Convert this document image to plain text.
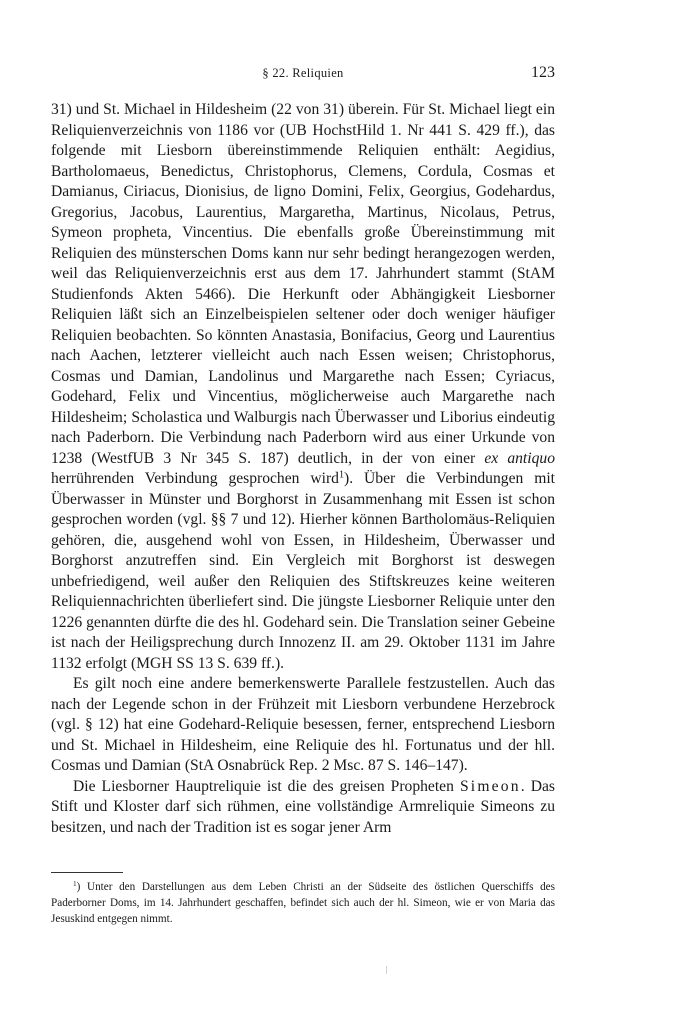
§ 22. Reliquien	123

31) und St. Michael in Hildesheim (22 von 31) überein. Für St. Michael liegt ein Reliquienverzeichnis von 1186 vor (UB HochstHild 1. Nr 441 S. 429 ff.), das folgende mit Liesborn übereinstimmende Reliquien enthält: Aegidius, Bartholomaeus, Benedictus, Christophorus, Clemens, Cordula, Cosmas et Damianus, Ciriacus, Dionisius, de ligno Domini, Felix, Georgius, Godehardus, Gregorius, Jacobus, Laurentius, Margaretha, Martinus, Nicolaus, Petrus, Symeon propheta, Vincentius. Die ebenfalls große Übereinstimmung mit Reliquien des münsterschen Doms kann nur sehr bedingt herangezogen werden, weil das Reliquienverzeichnis erst aus dem 17. Jahrhundert stammt (StAM Studienfonds Akten 5466). Die Herkunft oder Abhängigkeit Liesborner Reliquien läßt sich an Einzelbeispielen seltener oder doch weniger häufiger Reliquien beobachten. So könnten Anastasia, Bonifacius, Georg und Laurentius nach Aachen, letzterer vielleicht auch nach Essen weisen; Christophorus, Cosmas und Damian, Landolinus und Margarethe nach Essen; Cyriacus, Godehard, Felix und Vincentius, möglicherweise auch Margarethe nach Hildesheim; Scholastica und Walburgis nach Überwasser und Liborius eindeutig nach Paderborn. Die Verbindung nach Paderborn wird aus einer Urkunde von 1238 (WestfUB 3 Nr 345 S. 187) deutlich, in der von einer ex antiquo herrührenden Verbindung gesprochen wird$^1$). Über die Verbindungen mit Überwasser in Münster und Borghorst in Zusammenhang mit Essen ist schon gesprochen worden (vgl. §§ 7 und 12). Hierher können Bartholomäus-Reliquien gehören, die, ausgehend wohl von Essen, in Hildesheim, Überwasser und Borghorst anzutreffen sind. Ein Vergleich mit Borghorst ist deswegen unbefriedigend, weil außer den Reliquien des Stiftskreuzes keine weiteren Reliquiennachrichten überliefert sind. Die jüngste Liesborner Reliquie unter den 1226 genannten dürfte die des hl. Godehard sein. Die Translation seiner Gebeine ist nach der Heiligsprechung durch Innozenz II. am 29. Oktober 1131 im Jahre 1132 erfolgt (MGH SS 13 S. 639 ff.).

Es gilt noch eine andere bemerkenswerte Parallele festzustellen. Auch das nach der Legende schon in der Frühzeit mit Liesborn verbundene Herzebrock (vgl. § 12) hat eine Godehard-Reliquie besessen, ferner, entsprechend Liesborn und St. Michael in Hildesheim, eine Reliquie des hl. Fortunatus und der hll. Cosmas und Damian (StA Osnabrück Rep. 2 Msc. 87 S. 146–147).

Die Liesborner Hauptreliquie ist die des greisen Propheten Simeon. Das Stift und Kloster darf sich rühmen, eine vollständige Armreliquie Simeons zu besitzen, und nach der Tradition ist es sogar jener Arm

$^1$) Unter den Darstellungen aus dem Leben Christi an der Südseite des östlichen Querschiffs des Paderborner Doms, im 14. Jahrhundert geschaffen, befindet sich auch der hl. Simeon, wie er von Maria das Jesuskind entgegen nimmt.
